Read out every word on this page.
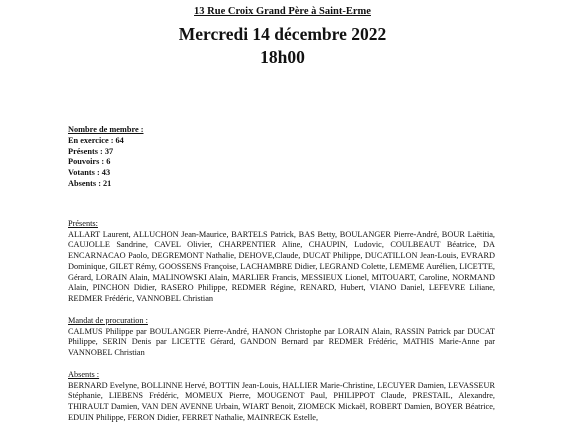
13 Rue Croix Grand Père à Saint-Erme
Mercredi 14 décembre 2022
18h00
Nombre de membre :
En exercice : 64
Présents : 37
Pouvoirs : 6
Votants : 43
Absents : 21
Présents:
ALLART Laurent, ALLUCHON Jean-Maurice, BARTELS Patrick, BAS Betty, BOULANGER Pierre-André, BOUR Laëtitia, CAUJOLLE Sandrine, CAVEL Olivier, CHARPENTIER Aline, CHAUPIN, Ludovic, COULBEAUT Béatrice, DA ENCARNACAO Paolo, DEGREMONT Nathalie, DEHOVE,Claude, DUCAT Philippe, DUCATILLON Jean-Louis, EVRARD Dominique, GILET Rémy, GOOSSENS Françoise, LACHAMBRE Didier, LEGRAND Colette, LEMEME Aurélien, LICETTE, Gérard, LORAIN Alain, MALINOWSKI Alain, MARLIER Francis, MESSIEUX Lionel, MITOUART, Caroline, NORMAND Alain, PINCHON Didier, RASERO Philippe, REDMER Régine, RENARD, Hubert, VIANO Daniel, LEFEVRE Liliane, REDMER Frédéric, VANNOBEL Christian
Mandat de procuration :
CALMUS Philippe par BOULANGER Pierre-André, HANON Christophe par LORAIN Alain, RASSIN Patrick par DUCAT Philippe, SERIN Denis par LICETTE Gérard, GANDON Bernard par REDMER Frédéric, MATHIS Marie-Anne par VANNOBEL Christian
Absents :
BERNARD Evelyne, BOLLINNE Hervé, BOTTIN Jean-Louis, HALLIER Marie-Christine, LECUYER Damien, LEVASSEUR Stéphanie, LIEBENS Frédéric, MOMEUX Pierre, MOUGENOT Paul, PHILIPPOT Claude, PRESTAIL, Alexandre, THIRAULT Damien, VAN DEN AVENNE Urbain, WIART Benoit, ZIOMECK Mickaël, ROBERT Damien, BOYER Béatrice, EDUIN Philippe, FERON Didier, FERRET Nathalie, MAINRECK Estelle,
